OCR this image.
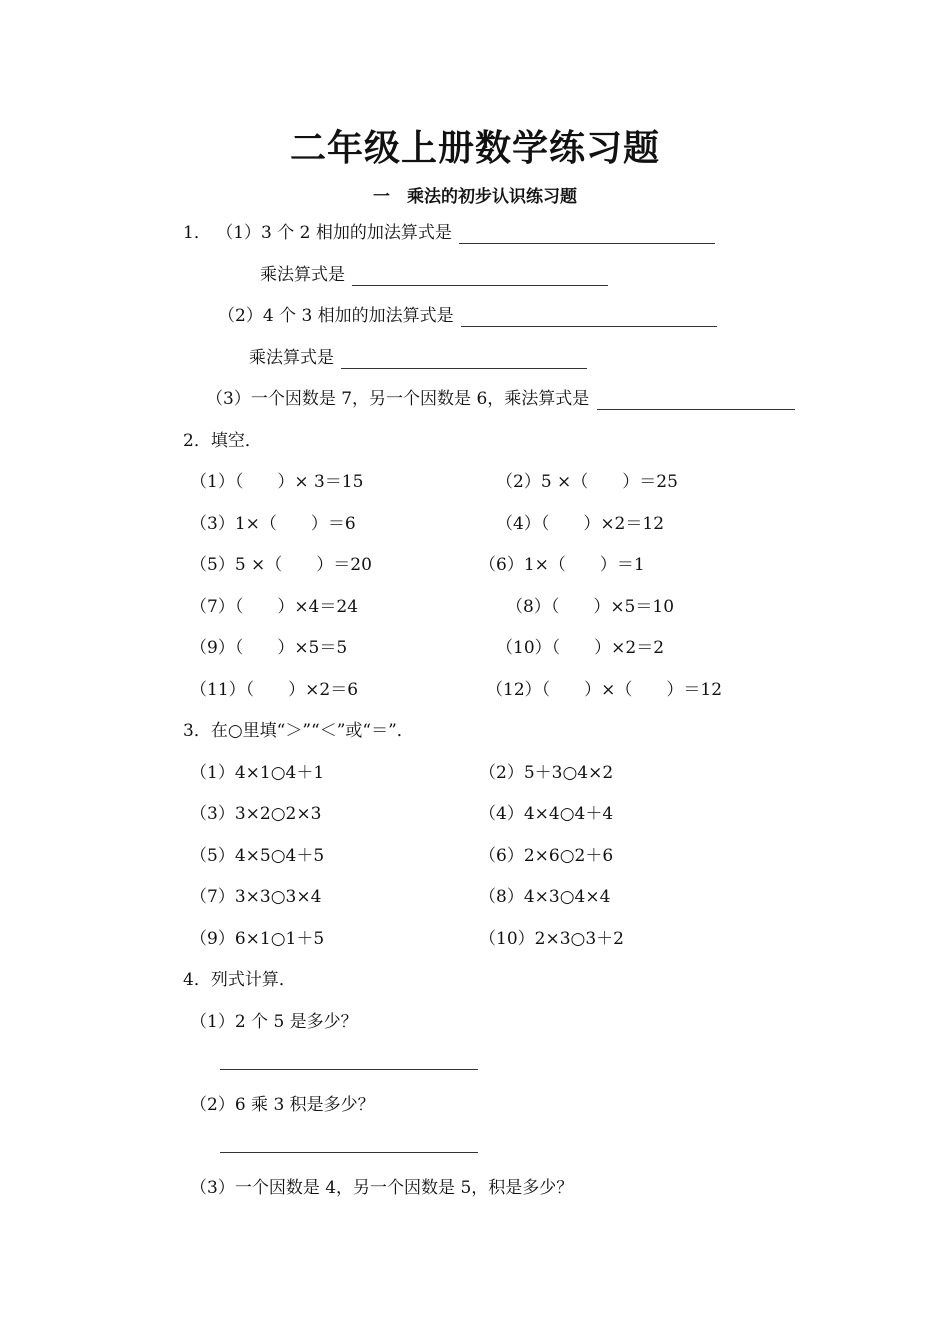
二年级上册数学练习题
一　乘法的初步认识练习题
1． （1）3 个 2 相加的加法算式是
乘法算式是
（2）4 个 3 相加的加法算式是
乘法算式是
（3）一个因数是 7，另一个因数是 6，乘法算式是
2．填空．
（1）（　　）× 3＝15	（2）5 ×（　　）＝25
（3）1×（　　）＝6	（4）（　　）×2＝12
（5）5 ×（　　）＝20	（6）1×（　　）＝1
（7）（　　）×4＝24	（8）（　　）×5＝10
（9）（　　）×5＝5	（10）（　　）×2＝2
（11）（　　）×2＝6	（12）（　　）×（　　）＝12
3．在○里填“＞”“＜”或“＝”．
（1）4×1○4＋1	（2）5＋3○4×2
（3）3×2○2×3	（4）4×4○4＋4
（5）4×5○4＋5	（6）2×6○2＋6
（7）3×3○3×4	（8）4×3○4×4
（9）6×1○1＋5	（10）2×3○3＋2
4．列式计算．
（1）2 个 5 是多少？
（2）6 乘 3 积是多少？
（3）一个因数是 4，另一个因数是 5，积是多少？
